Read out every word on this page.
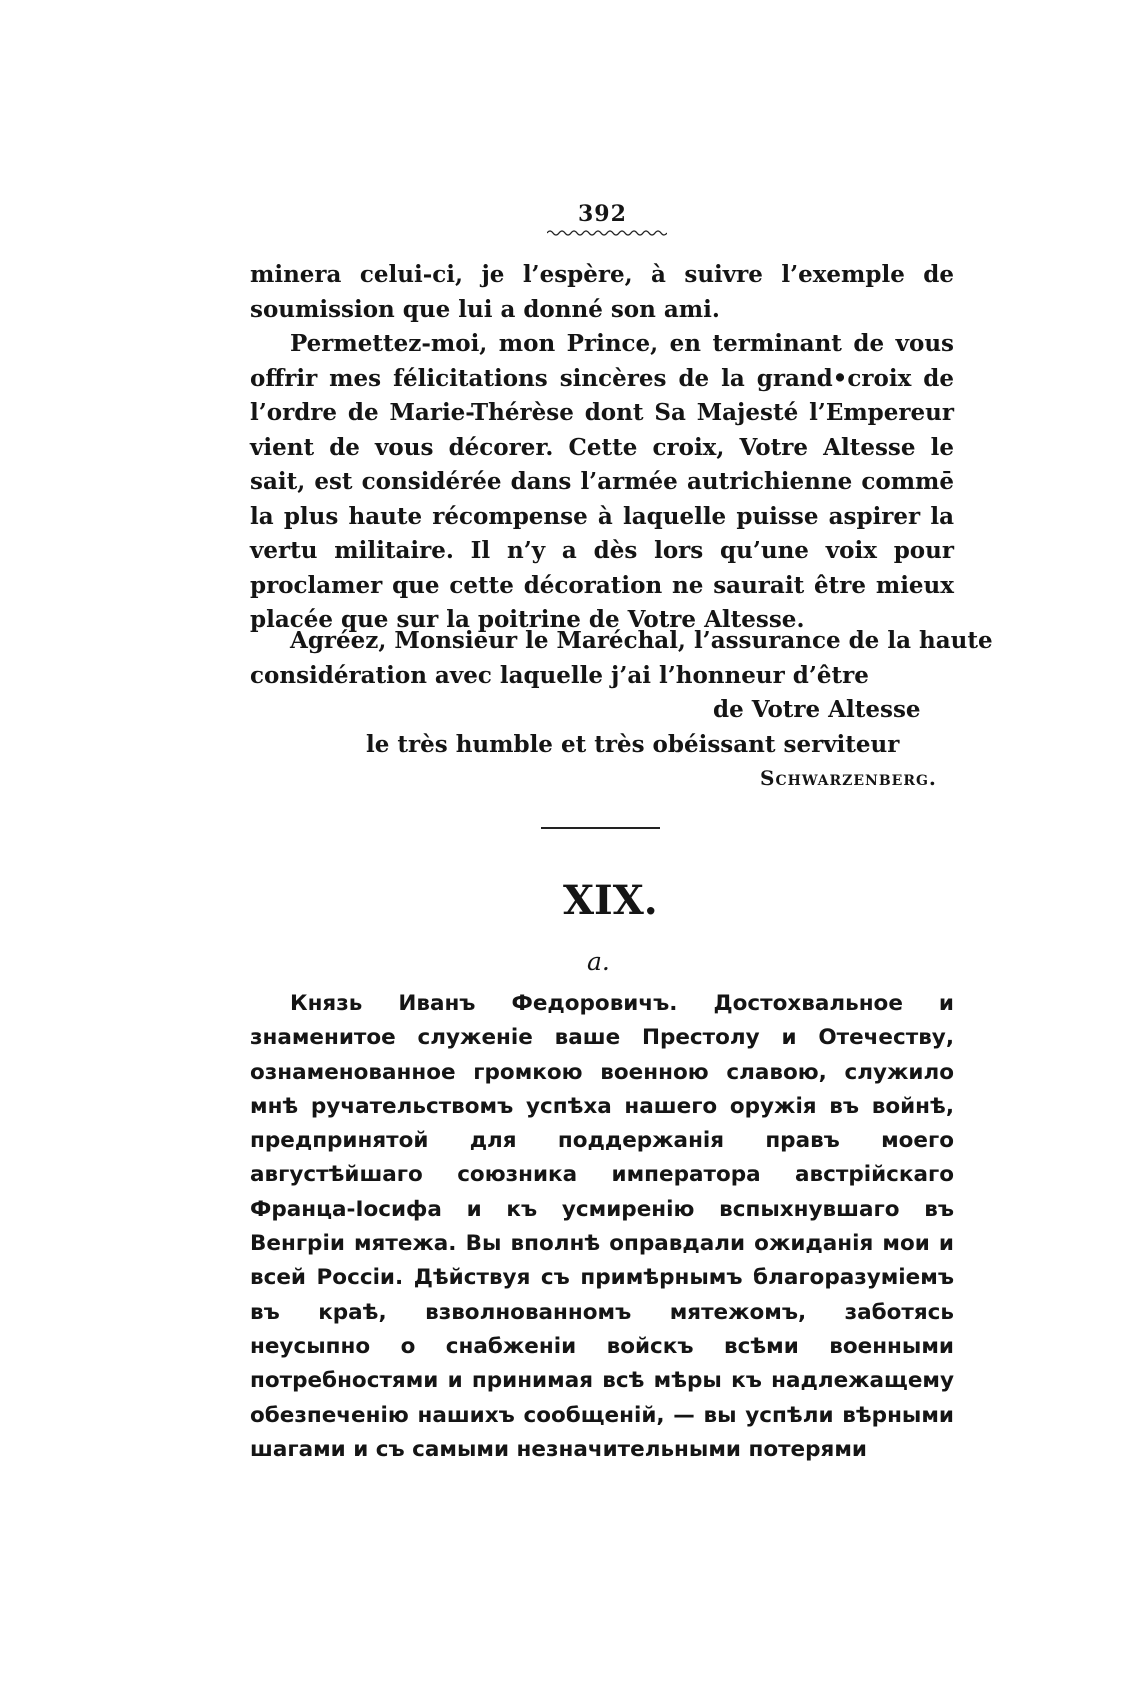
392

minera celui-ci, je l’espère, à suivre l’exemple de soumission que lui a donné son ami.

Permettez-moi, mon Prince, en terminant de vous offrir mes félicitations sincères de la grand•croix de l’ordre de Marie-Thérèse dont Sa Majesté l’Empereur vient de vous décorer. Cette croix, Votre Altesse le sait, est considérée dans l’armée autrichienne commē la plus haute récompense à laquelle puisse aspirer la vertu militaire. Il n’y a dès lors qu’une voix pour proclamer que cette décoration ne saurait être mieux placée que sur la poitrine de Votre Altesse.

Agréez, Monsieur le Maréchal, l’assurance de la haute

considération avec laquelle j’ai l’honneur d’être

de Votre Altesse

le très humble et très obéissant serviteur

Schwarzenberg.
XIX.
a.

Князь Иванъ Федоровичъ. Достохвальное и знаменитое служеніе ваше Престолу и Отечеству, ознаменованное громкою военною славою, служило мнѣ ручательствомъ успѣха нашего оружія въ войнѣ, предпринятой для поддержанія правъ моего августѣйшаго союзника императора австрійскаго Франца-Іосифа и къ усмиренію вспыхнувшаго въ Венгріи мятежа. Вы вполнѣ оправдали ожиданія мои и всей Россіи. Дѣйствуя съ примѣрнымъ благоразуміемъ въ краѣ, взволнованномъ мятежомъ, заботясь неусыпно о снабженіи войскъ всѣми военными потребностями и принимая всѣ мѣры къ надлежащему обезпеченію нашихъ сообщеній, — вы успѣли вѣрными шагами и съ самыми незначительными потерями
